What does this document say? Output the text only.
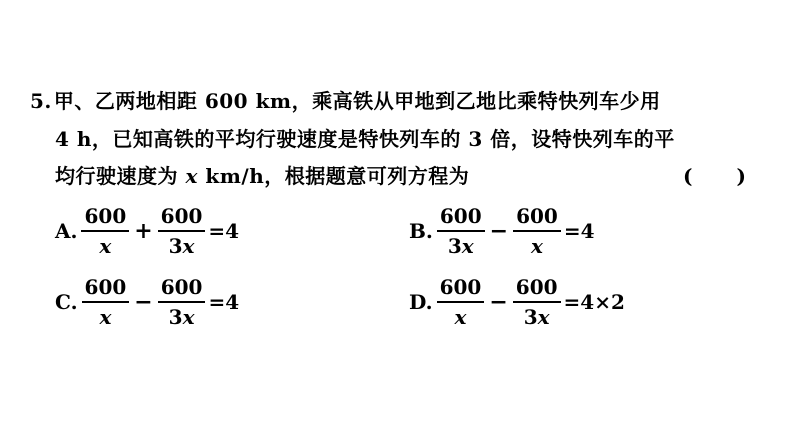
5. 甲、乙两地相距 600 km，乘高铁从甲地到乙地比乘特快列车少用
4 h，已知高铁的平均行驶速度是特快列车的 3 倍，设特快列车的平
均行驶速度为 x km/h，根据题意可列方程为	( )
A. $\frac{600}{x} + \frac{600}{3x} =4$	B. $\frac{600}{3x} - \frac{600}{x} =4$
C. $\frac{600}{x} - \frac{600}{3x} =4$	D. $\frac{600}{x} - \frac{600}{3x} =4\times 2$
